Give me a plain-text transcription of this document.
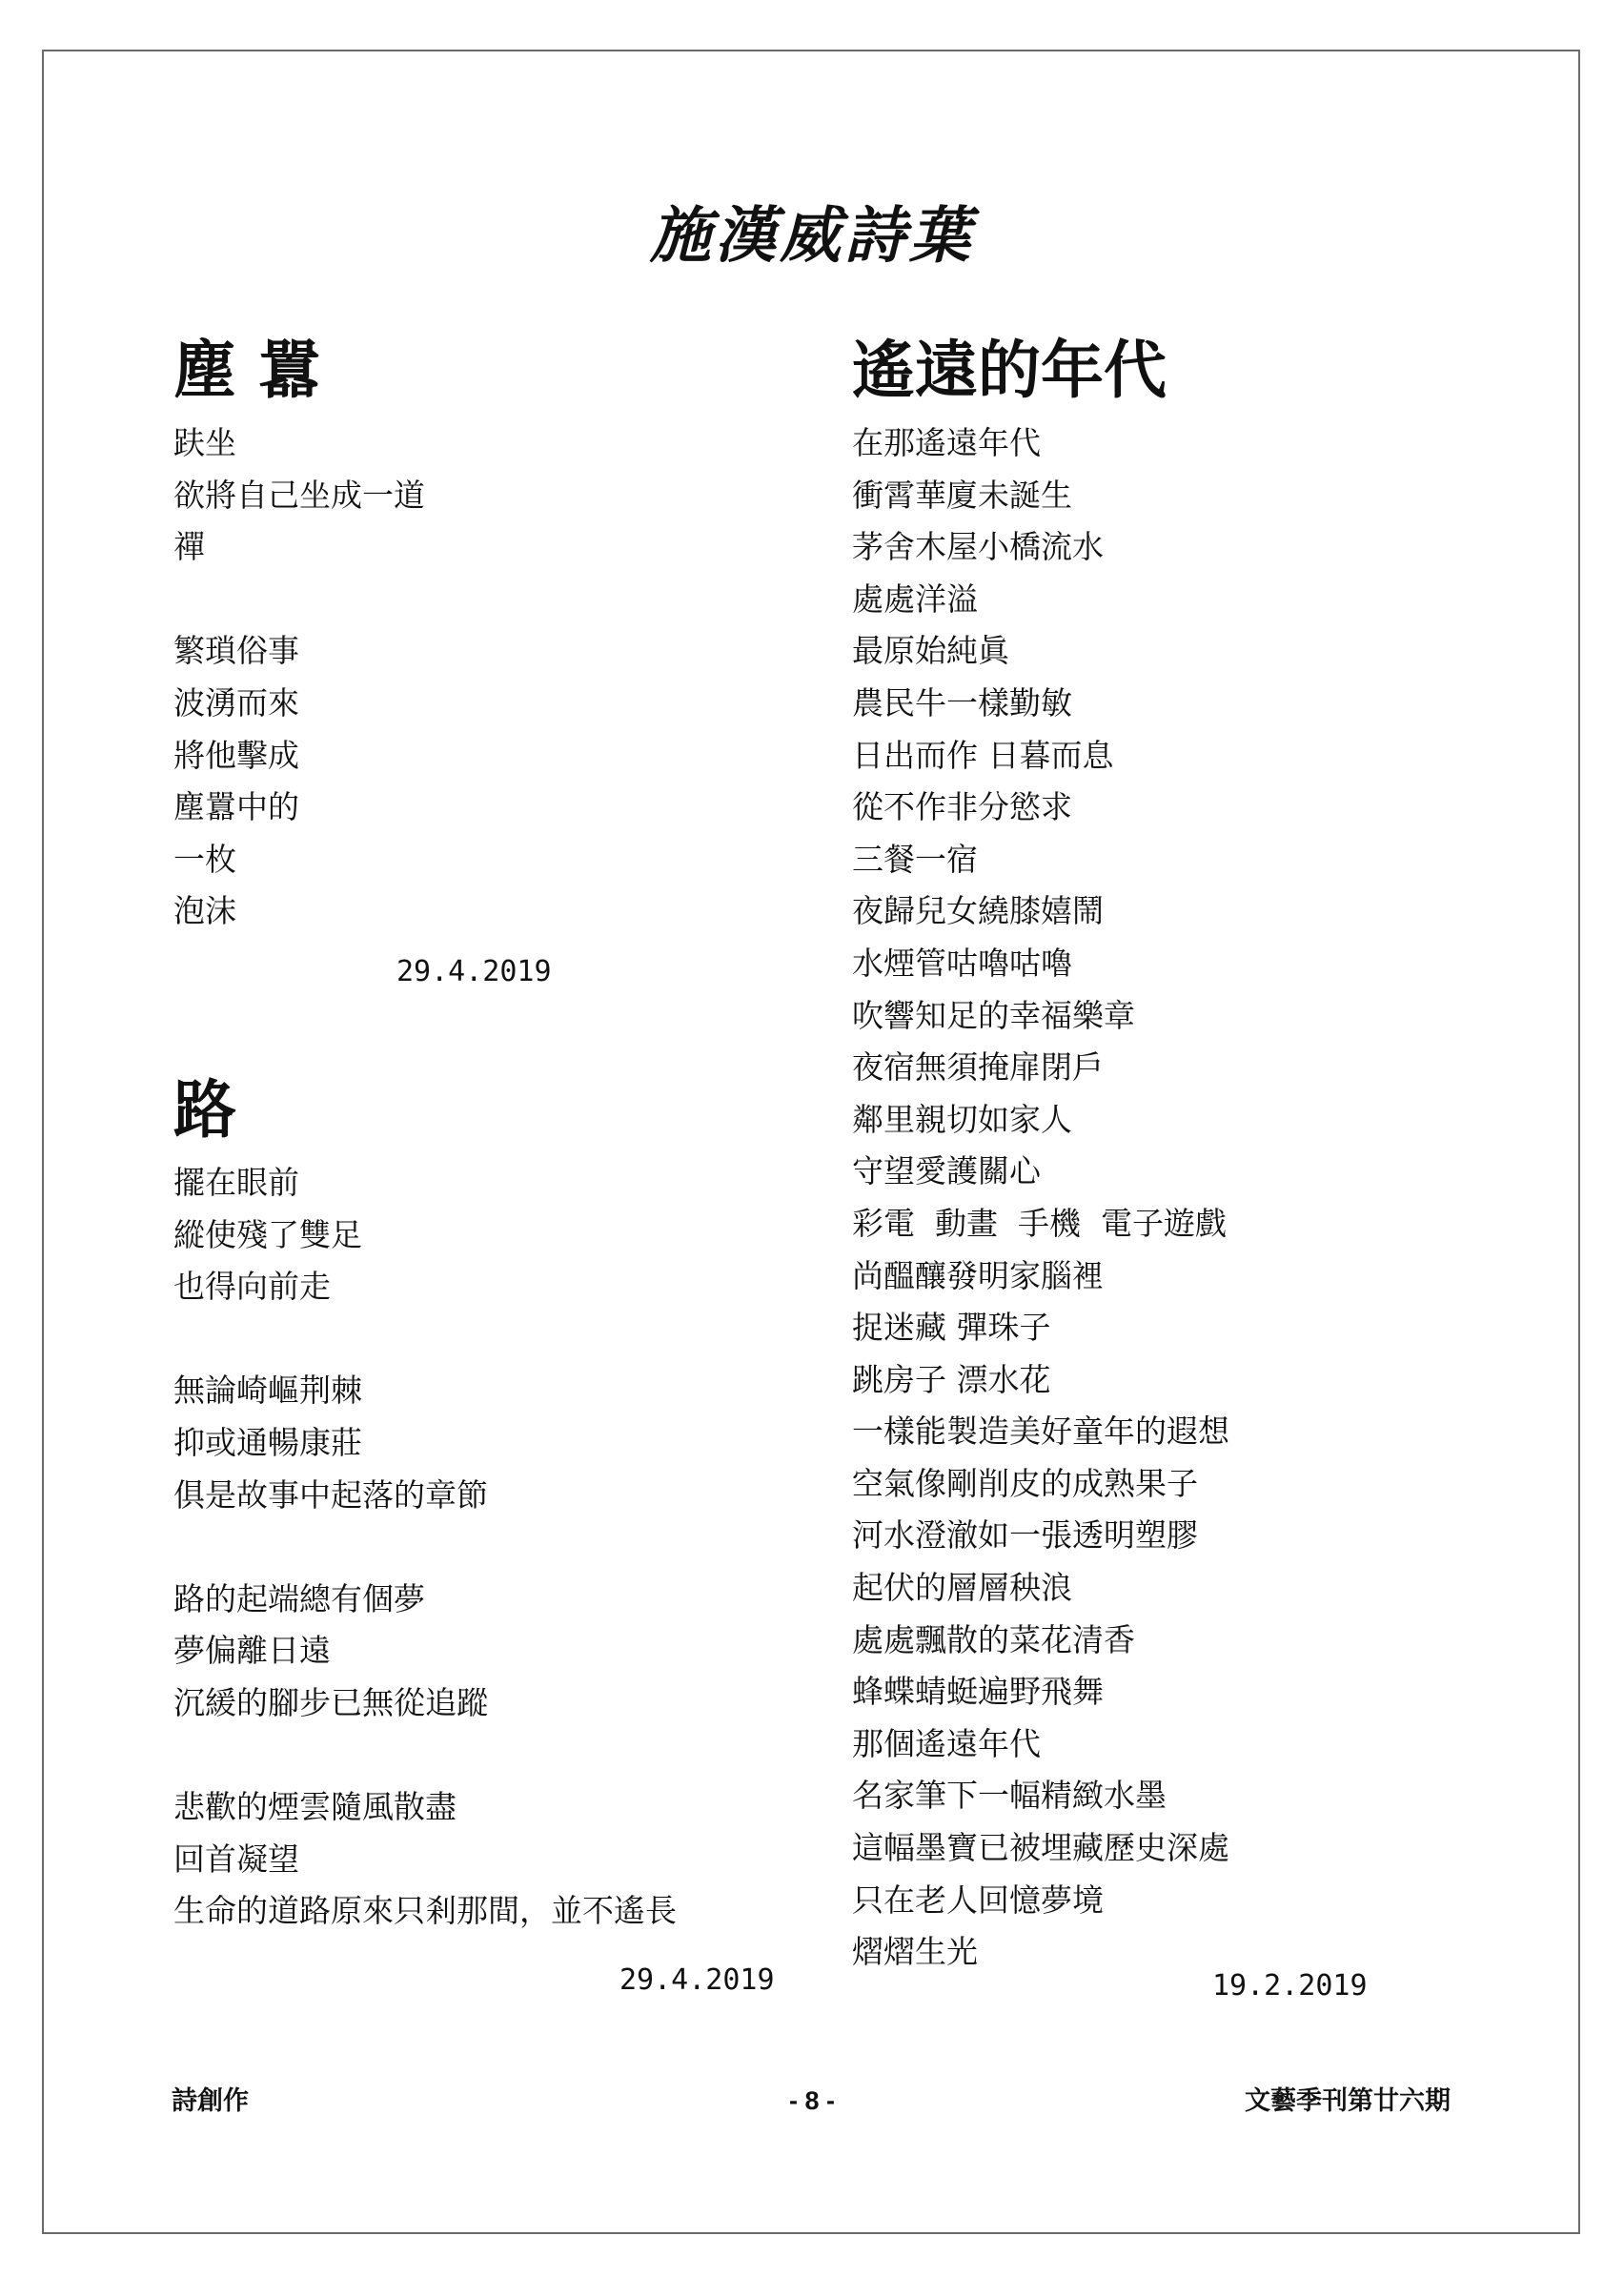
施漢威詩葉
塵 囂
趺坐
欲將自己坐成一道
禪
繁瑣俗事
波湧而來
將他擊成
塵囂中的
一枚
泡沫
29.4.2019
路
擺在眼前
縱使殘了雙足
也得向前走
無論崎嶇荆棘
抑或通暢康莊
俱是故事中起落的章節
路的起端總有個夢
夢偏離日遠
沉緩的腳步已無從追蹤
悲歡的煙雲隨風散盡
回首凝望
生命的道路原來只剎那間，並不遙長
29.4.2019
遙遠的年代
在那遙遠年代
衝霄華廈未誕生
茅舍木屋小橋流水
處處洋溢
最原始純眞
農民牛一樣勤敏
日出而作 日暮而息
從不作非分慾求
三餐一宿
夜歸兒女繞膝嬉鬧
水煙管咕嚕咕嚕
吹響知足的幸福樂章
夜宿無須掩扉閉戶
鄰里親切如家人
守望愛護關心
彩電  動畫  手機  電子遊戲
尚醞釀發明家腦裡
捉迷藏 彈珠子
跳房子 漂水花
一樣能製造美好童年的遐想
空氣像剛削皮的成熟果子
河水澄澈如一張透明塑膠
起伏的層層秧浪
處處飄散的菜花清香
蜂蝶蜻蜓遍野飛舞
那個遙遠年代
名家筆下一幅精緻水墨
這幅墨寶已被埋藏歷史深處
只在老人回憶夢境
熠熠生光
19.2.2019
詩創作	- 8 -	文藝季刊第廿六期
